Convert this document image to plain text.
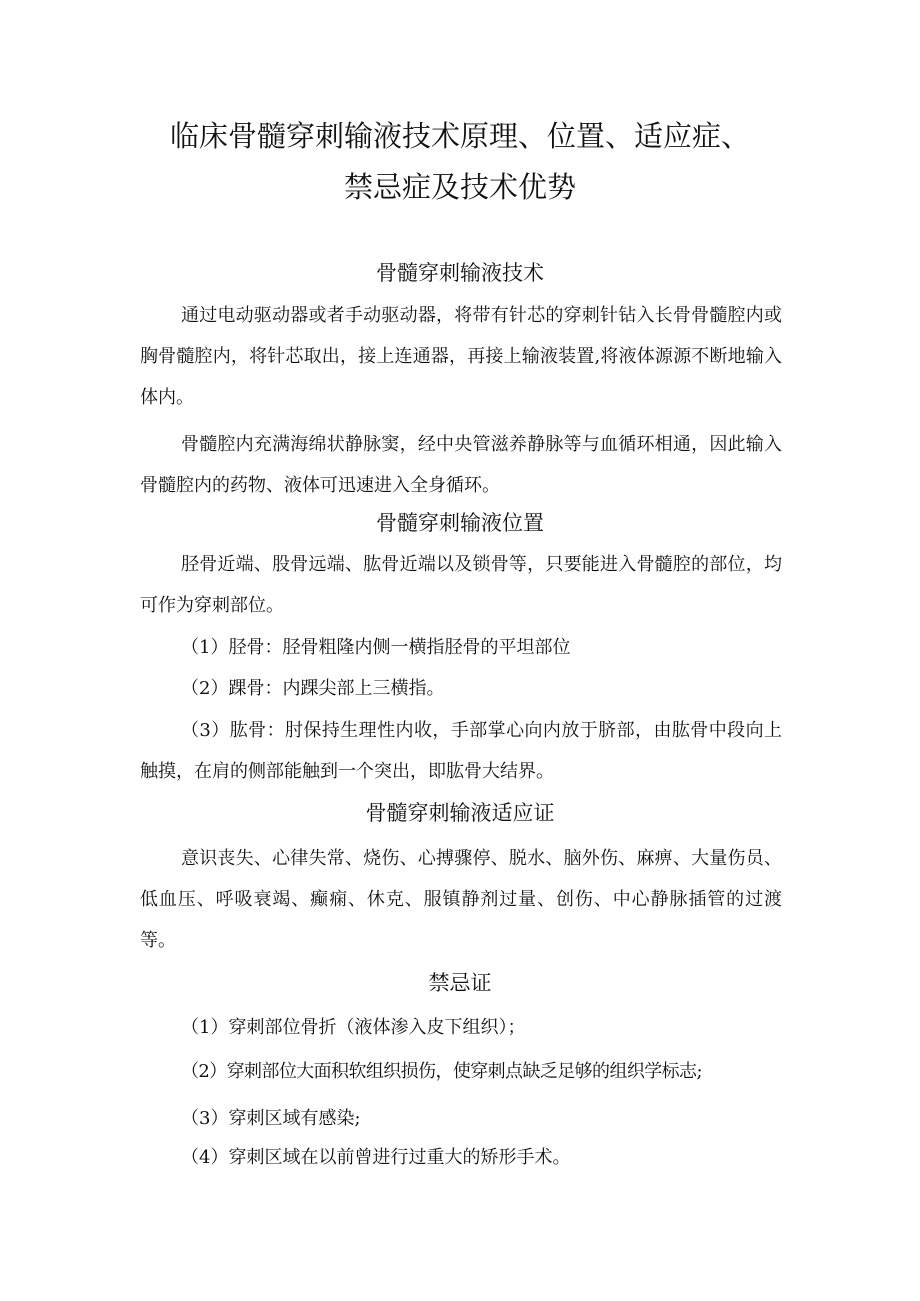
临床骨髓穿刺输液技术原理、位置、适应症、
禁忌症及技术优势
骨髓穿刺输液技术
通过电动驱动器或者手动驱动器，将带有针芯的穿刺针钻入长骨骨髓腔内或胸骨髓腔内，将针芯取出，接上连通器，再接上输液装置,将液体源源不断地输入体内。
骨髓腔内充满海绵状静脉窦，经中央管滋养静脉等与血循环相通，因此输入骨髓腔内的药物、液体可迅速进入全身循环。
骨髓穿刺输液位置
胫骨近端、股骨远端、肱骨近端以及锁骨等，只要能进入骨髓腔的部位，均可作为穿刺部位。
（1）胫骨：胫骨粗隆内侧一横指胫骨的平坦部位
（2）踝骨：内踝尖部上三横指。
（3）肱骨：肘保持生理性内收，手部掌心向内放于脐部，由肱骨中段向上触摸，在肩的侧部能触到一个突出，即肱骨大结界。
骨髓穿刺输液适应证
意识丧失、心律失常、烧伤、心搏骤停、脱水、脑外伤、麻痹、大量伤员、低血压、呼吸衰竭、癫痫、休克、服镇静剂过量、创伤、中心静脉插管的过渡等。
禁忌证
（1）穿刺部位骨折（液体渗入皮下组织）；
（2）穿刺部位大面积软组织损伤，使穿刺点缺乏足够的组织学标志;
（3）穿刺区域有感染;
（4）穿刺区域在以前曾进行过重大的矫形手术。
